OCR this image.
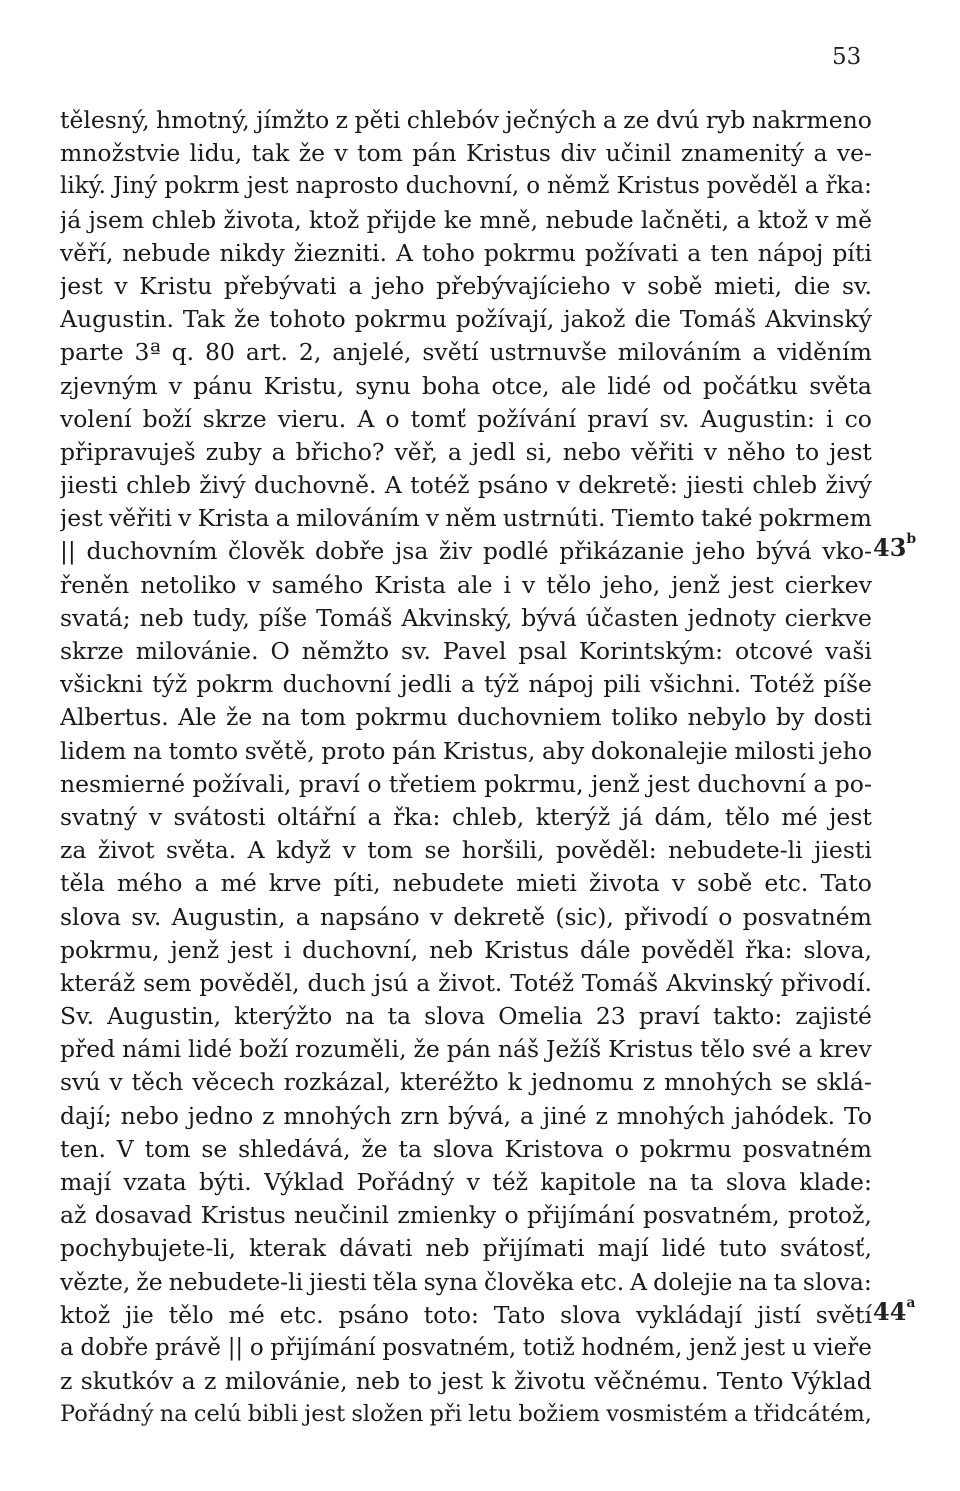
53
43$^b$
44$^a$
tělesný, hmotný, jímžto z pěti chlebóv ječných a ze dvú ryb nakrmeno
množstvie lidu, tak že v tom pán Kristus div učinil znamenitý a ve-
liký. Jiný pokrm jest naprosto duchovní, o němž Kristus pověděl a řka:
já jsem chleb života, ktož přijde ke mně, nebude lačněti, a ktož v mě
věří, nebude nikdy žiezniti. A toho pokrmu požívati a ten nápoj píti
jest v Kristu přebývati a jeho přebývajícieho v sobě mieti, die sv.
Augustin. Tak že tohoto pokrmu požívají, jakož die Tomáš Akvinský
parte 3ª q. 80 art. 2, anjelé, světí ustrnuvše milováním a viděním
zjevným v pánu Kristu, synu boha otce, ale lidé od počátku světa
volení boží skrze vieru. A o tomť požívání praví sv. Augustin: i co
připravuješ zuby a břicho? věř, a jedl si, nebo věřiti v něho to jest
jiesti chleb živý duchovně. A totéž psáno v dekretě: jiesti chleb živý
jest věřiti v Krista a milováním v něm ustrnúti. Tiemto také pokrmem
|| duchovním člověk dobře jsa živ podlé přikázanie jeho bývá vko-
řeněn netoliko v samého Krista ale i v tělo jeho, jenž jest cierkev
svatá; neb tudy, píše Tomáš Akvinský, bývá účasten jednoty cierkve
skrze milovánie. O němžto sv. Pavel psal Korintským: otcové vaši
všickni týž pokrm duchovní jedli a týž nápoj pili všichni. Totéž píše
Albertus. Ale že na tom pokrmu duchovniem toliko nebylo by dosti
lidem na tomto světě, proto pán Kristus, aby dokonalejie milosti jeho
nesmierné požívali, praví o třetiem pokrmu, jenž jest duchovní a po-
svatný v svátosti oltářní a řka: chleb, kterýž já dám, tělo mé jest
za život světa. A když v tom se horšili, pověděl: nebudete-li jiesti
těla mého a mé krve píti, nebudete mieti života v sobě etc. Tato
slova sv. Augustin, a napsáno v dekretě (sic), přivodí o posvatném
pokrmu, jenž jest i duchovní, neb Kristus dále pověděl řka: slova,
kteráž sem pověděl, duch jsú a život. Totéž Tomáš Akvinský přivodí.
Sv. Augustin, kterýžto na ta slova Omelia 23 praví takto: zajisté
před námi lidé boží rozuměli, že pán náš Ježíš Kristus tělo své a krev
svú v těch věcech rozkázal, kteréžto k jednomu z mnohých se sklá-
dají; nebo jedno z mnohých zrn bývá, a jiné z mnohých jahódek. To
ten. V tom se shledává, že ta slova Kristova o pokrmu posvatném
mají vzata býti. Výklad Pořádný v též kapitole na ta slova klade:
až dosavad Kristus neučinil zmienky o přijímání posvatném, protož,
pochybujete-li, kterak dávati neb přijímati mají lidé tuto svátosť,
vězte, že nebudete-li jiesti těla syna člověka etc. A dolejie na ta slova:
ktož jie tělo mé etc. psáno toto: Tato slova vykládají jistí světí
a dobře právě || o přijímání posvatném, totiž hodném, jenž jest u vieře
z skutkóv a z milovánie, neb to jest k životu věčnému. Tento Výklad
Pořádný na celú bibli jest složen při letu božiem vosmistém a třidcátém,
